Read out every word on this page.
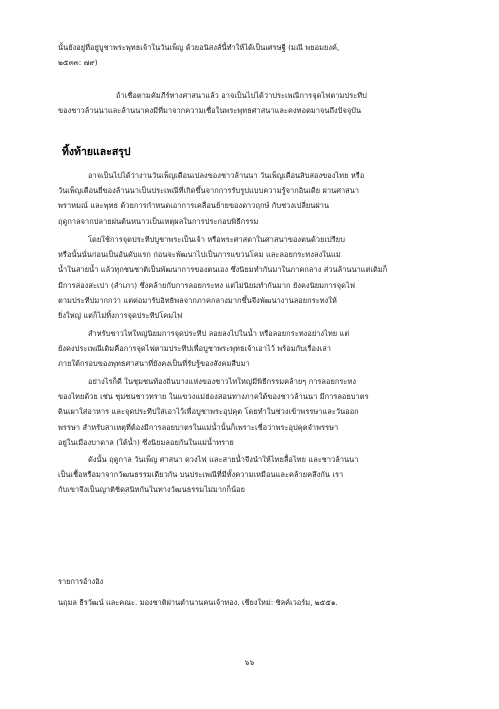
นั้นยังอยู่ที่อยู่บูชาพระพุทธเจ้าในวันเพ็ญ ด้วยอนิสงส์นี้ทำให้ได้เป็นเศรษฐี (มณี พยอมยงค์,
๒๕๓๓: ๗๙)
ถ้าเชื่อตามคัมภีร์ทางศาสนาแล้ว อาจเป็นไปได้ว่าประเพณีการจุดไฟตามประทีป
ของชาวล้านนาและล้านนาคงมีที่มาจากความเชื่อในพระพุทธศาสนาและคงทอดมาจนถึงปัจจุบัน
ทิ้งท้ายและสรุป
อาจเป็นไปได้ว่างานวันเพ็ญเดือนเปลงของชาวล้านนา วันเพ็ญเดือนสิบสองของไทย หรือ
วันเพ็ญเดือนยี่ของล้านนาเป็นประเพณีที่เกิดขึ้นจากการรับรูปแบบความรู้จากอินเดีย ผ่านศาสนา
พราหมณ์ และพุทธ ด้วยการกำหนดเอาการเคลื่อนย้ายของดาวฤกษ์ กับช่วงเปลี่ยนผ่าน
ฤดูกาลจากปลายฝนต้นหนาวเป็นเหตุผลในการประกอบพิธีกรรม
โดยใช้การจุดประทีปบูชาพระเป็นเจ้า หรือพระศาสดาในศาสนาของตนด้วยเปรียบ
หรือนั้นนั่นก่อนเป็นอันดับแรก ก่อนจะพัฒนาไปเป็นการแขวนโคม และลอยกระทงลงในแม่
น้ำในสายน้ำ แล้วทุกชนชาติเป็นพัฒนาการของตนเอง ซึ่งนิยมทำกันมาในภาคกลาง ส่วนล้านนาแต่เดิมก็
มีการล่องสะเปา (สำเภา) ซึ่งคล้ายกับการลอยกระทง แต่ไม่นิยมทำกันมาก ยังคงนิยมการจุดไฟ
ตามประทีปมากกว่า แต่ต่อมารับอิทธิพลจากภาคกลางมากขึ้นจึงพัฒนางานลอยกระทงให้
ยิ่งใหญ่ แต่ก็ไม่ทิ้งการจุดประทีปโคมไฟ
สำหรับชาวไทใหญ่นิยมการจุดประทีป ลอยลงไปในน้ำ หรือลอยกระทงอย่างไทย แต่
ยังคงประเพณีเดิมคือการจุดไฟตามประทีปเพื่อบูชาพระพุทธเจ้าเอาไว้ พร้อมกับเรื่องเล่า
ภายใต้กรอบของพุทธศาสนาที่ยังคงเป็นที่รับรู้ของสังคมสืบมา
อย่างไรก็ดี ในชุมชนท้องถิ่นบางแห่งของชาวไทใหญ่มีพิธีกรรมคล้ายๆ การลอยกระทง
ของไทยด้วย เช่น ชุมชนชาวทราย ในแขวงแม่ฮ่องสอนทางภาคใต้ของชาวล้านนา มีการลอยบาตร
ดินเผาใส่อาหาร และจุดประทีปใส่เอาไว้เพื่อบูชาพระอุปคุต โดยทำในช่วงเข้าพรรษาและวันออก
พรรษา สำหรับสาเหตุที่ต้องมีการลอยบาตรในแม่น้ำนั้นก็เพราะเชื่อว่าพระอุปคุตจำพรรษา
อยู่ในเมืองบาดาล (ใต้น้ำ) ซึ่งนิยมลอยกันในแม่น้ำทราย
ดังนั้น ฤดูกาล วันเพ็ญ ศาสนา ดวงไฟ และสายน้ำจึงนำให้ไทยลื้อไทย และชาวล้านนา
เป็นเชื้อหรือมาจากวัฒนธรรมเดียวกัน บนประเพณีที่มีทั้งความเหมือนและคล้ายคลึงกัน เรา
กับเขาจึงเป็นญาติชิดสนิทกันในทางวัฒนธรรมไม่มากก็น้อย
รายการอ้างอิง
นฤมล ธีรวัฒน์ และคณะ. มองชาติผ่านตำนานคนเจ้าทอง. เชียงใหม่: ซิลค์เวอร์ม, ๒๕๕๑.
๖๖
